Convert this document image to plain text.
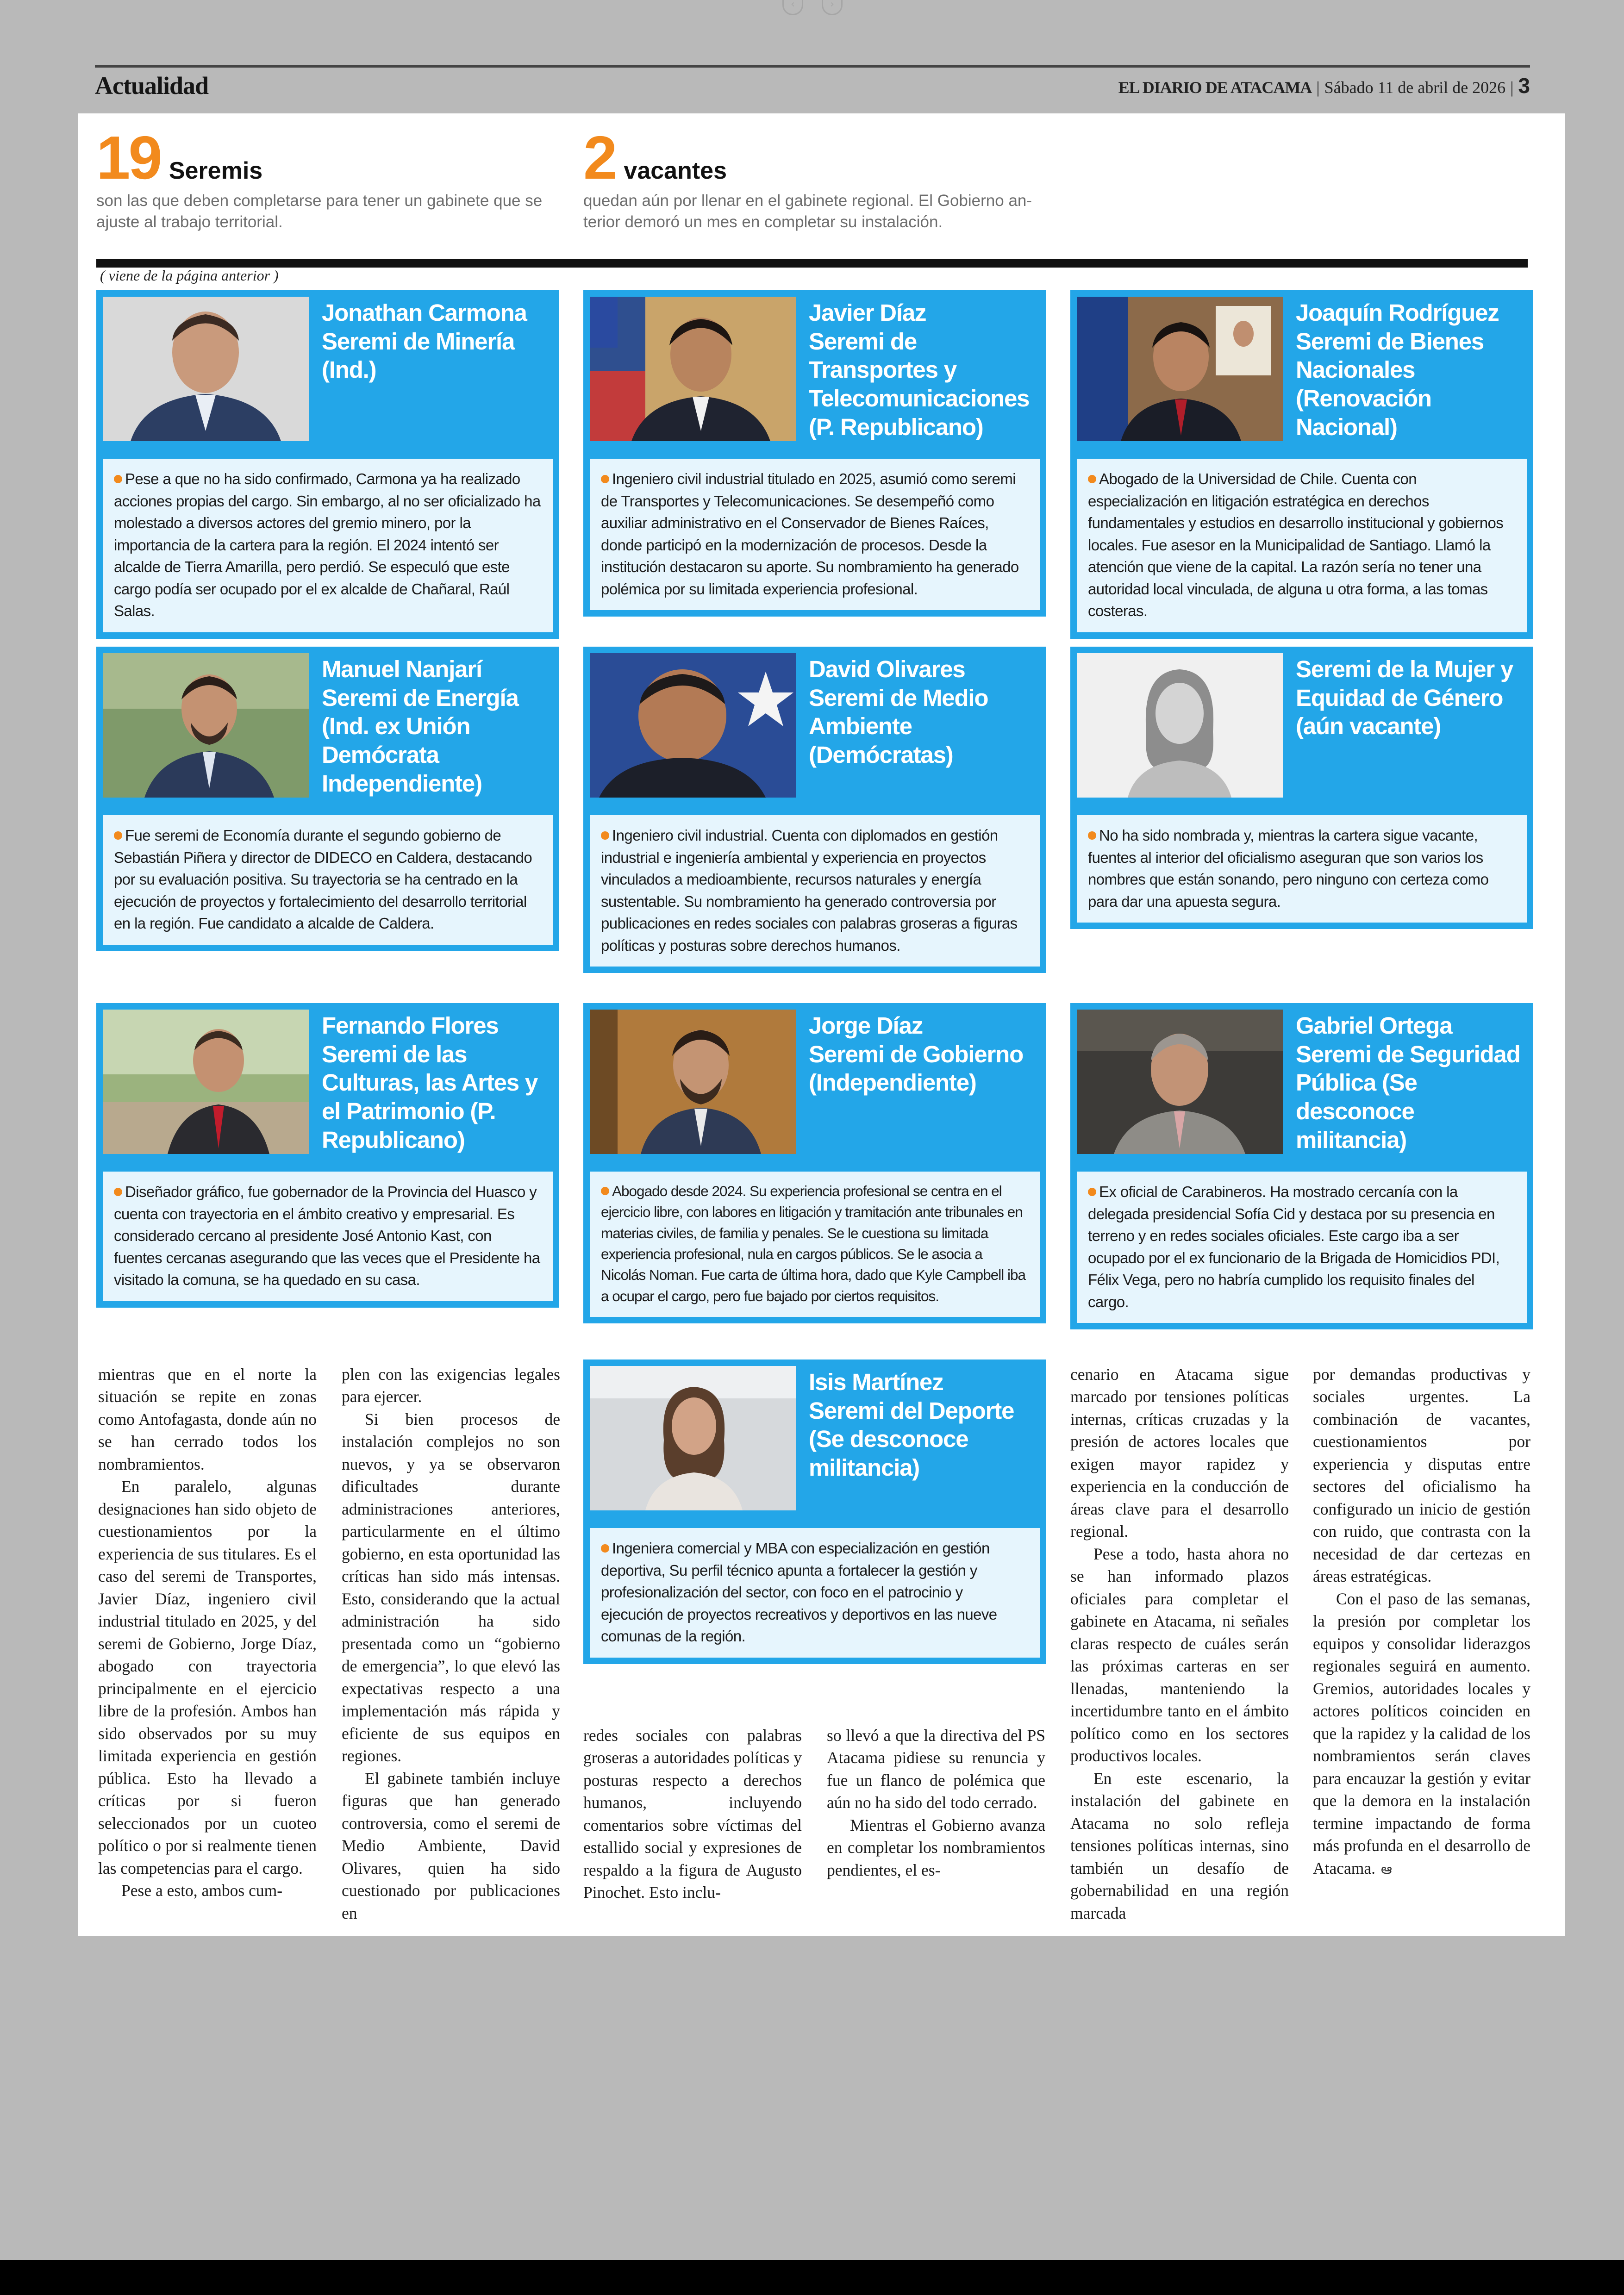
‹	›
Actualidad	EL DIARIO DE ATACAMA | Sábado 11 de abril de 2026 | 3
19 Seremis
son las que deben completarse para tener un gabinete que se
ajuste al trabajo territorial.
2 vacantes
quedan aún por llenar en el gabinete regional. El Gobierno an-
terior demoró un mes en completar su instalación.
( viene de la página anterior )
Jonathan Carmona
Seremi de Minería
(Ind.)
Pese a que no ha sido confirmado, Carmona ya ha realizado acciones propias del cargo. Sin embargo, al no ser oficializado ha molestado a diversos actores del gremio minero, por la importancia de la cartera para la región. El 2024 intentó ser alcalde de Tierra Amarilla, pero perdió. Se especuló que este cargo podía ser ocupado por el ex alcalde de Chañaral, Raúl Salas.
Javier Díaz
Seremi de
Transportes y
Telecomunicaciones
(P. Republicano)
Ingeniero civil industrial titulado en 2025, asumió como seremi de Transportes y Telecomunicaciones. Se desempeñó como auxiliar administrativo en el Conservador de Bienes Raíces, donde participó en la modernización de procesos. Desde la institución destacaron su aporte. Su nombramiento ha generado polémica por su limitada experiencia profesional.
Joaquín Rodríguez
Seremi de Bienes
Nacionales
(Renovación
Nacional)
Abogado de la Universidad de Chile. Cuenta con especialización en litigación estratégica en derechos fundamentales y estudios en desarrollo institucional y gobiernos locales. Fue asesor en la Municipalidad de Santiago. Llamó la atención que viene de la capital. La razón sería no tener una autoridad local vinculada, de alguna u otra forma, a las tomas costeras.
Manuel Nanjarí
Seremi de Energía
(Ind. ex Unión
Demócrata
Independiente)
Fue seremi de Economía durante el segundo gobierno de Sebastián Piñera y director de DIDECO en Caldera, destacando por su evaluación positiva. Su trayectoria se ha centrado en la ejecución de proyectos y fortalecimiento del desarrollo territorial en la región. Fue candidato a alcalde de Caldera.
David Olivares
Seremi de Medio
Ambiente
(Demócratas)
Ingeniero civil industrial. Cuenta con diplomados en gestión industrial e ingeniería ambiental y experiencia en proyectos vinculados a medioambiente, recursos naturales y energía sustentable. Su nombramiento ha generado controversia por publicaciones en redes sociales con palabras groseras a figuras políticas y posturas sobre derechos humanos.
Seremi de la Mujer y
Equidad de Género
(aún vacante)
No ha sido nombrada y, mientras la cartera sigue vacante, fuentes al interior del oficialismo aseguran que son varios los nombres que están sonando, pero ninguno con certeza como para dar una apuesta segura.
Fernando Flores
Seremi de las
Culturas, las Artes y
el Patrimonio (P.
Republicano)
Diseñador gráfico, fue gobernador de la Provincia del Huasco y cuenta con trayectoria en el ámbito creativo y empresarial. Es considerado cercano al presidente José Antonio Kast, con fuentes cercanas asegurando que las veces que el Presidente ha visitado la comuna, se ha quedado en su casa.
Jorge Díaz
Seremi de Gobierno
(Independiente)
Abogado desde 2024. Su experiencia profesional se centra en el ejercicio libre, con labores en litigación y tramitación ante tribunales en materias civiles, de familia y penales. Se le cuestiona su limitada experiencia profesional, nula en cargos públicos. Se le asocia a Nicolás Noman. Fue carta de última hora, dado que Kyle Campbell iba a ocupar el cargo, pero fue bajado por ciertos requisitos.
Gabriel Ortega
Seremi de Seguridad
Pública (Se
desconoce
militancia)
Ex oficial de Carabineros. Ha mostrado cercanía con la delegada presidencial Sofía Cid y destaca por su presencia en terreno y en redes sociales oficiales. Este cargo iba a ser ocupado por el ex funcionario de la Brigada de Homicidios PDI, Félix Vega, pero no habría cumplido los requisito finales del cargo.
Isis Martínez
Seremi del Deporte
(Se desconoce
militancia)
Ingeniera comercial y MBA con especialización en gestión deportiva, Su perfil técnico apunta a fortalecer la gestión y profesionalización del sector, con foco en el patrocinio y ejecución de proyectos recreativos y deportivos en las nueve comunas de la región.

mientras que en el norte la situación se repite en zonas como Antofagasta, donde aún no se han cerrado todos los nombramientos.

En paralelo, algunas designaciones han sido objeto de cuestionamientos por la experiencia de sus titulares. Es el caso del seremi de Transportes, Javier Díaz, ingeniero civil industrial titulado en 2025, y del seremi de Gobierno, Jorge Díaz, abogado con trayectoria principalmente en el ejercicio libre de la profesión. Ambos han sido observados por su muy limitada experiencia en gestión pública. Esto ha llevado a críticas por si fueron seleccionados por un cuoteo político o por si realmente tienen las competencias para el cargo.

Pese a esto, ambos cum-

plen con las exigencias legales para ejercer.

Si bien procesos de instalación complejos no son nuevos, y ya se observaron dificultades durante administraciones anteriores, particularmente en el último gobierno, en esta oportunidad las críticas han sido más intensas. Esto, considerando que la actual administración ha sido presentada como un “gobierno de emergencia”, lo que elevó las expectativas respecto a una implementación más rápida y eficiente de sus equipos en regiones.

El gabinete también incluye figuras que han generado controversia, como el seremi de Medio Ambiente, David Olivares, quien ha sido cuestionado por publicaciones en

redes sociales con palabras groseras a autoridades políticas y posturas respecto a derechos humanos, incluyendo comentarios sobre víctimas del estallido social y expresiones de respaldo a la figura de Augusto Pinochet. Esto inclu-

so llevó a que la directiva del PS Atacama pidiese su renuncia y fue un flanco de polémica que aún no ha sido del todo cerrado.

Mientras el Gobierno avanza en completar los nombramientos pendientes, el es-

cenario en Atacama sigue marcado por tensiones políticas internas, críticas cruzadas y la presión de actores locales que exigen mayor rapidez y experiencia en la conducción de áreas clave para el desarrollo regional.

Pese a todo, hasta ahora no se han informado plazos oficiales para completar el gabinete en Atacama, ni señales claras respecto de cuáles serán las próximas carteras en ser llenadas, manteniendo la incertidumbre tanto en el ámbito político como en los sectores productivos locales.

En este escenario, la instalación del gabinete en Atacama no solo refleja tensiones políticas internas, sino también un desafío de gobernabilidad en una región marcada

por demandas productivas y sociales urgentes. La combinación de vacantes, cuestionamientos por experiencia y disputas entre sectores del oficialismo ha configurado un inicio de gestión con ruido, que contrasta con la necesidad de dar certezas en áreas estratégicas.

Con el paso de las semanas, la presión por completar los equipos y consolidar liderazgos regionales seguirá en aumento. Gremios, autoridades locales y actores políticos coinciden en que la rapidez y la calidad de los nombramientos serán claves para encauzar la gestión y evitar que la demora en la instalación termine impactando de forma más profunda en el desarrollo de Atacama. ఆ
